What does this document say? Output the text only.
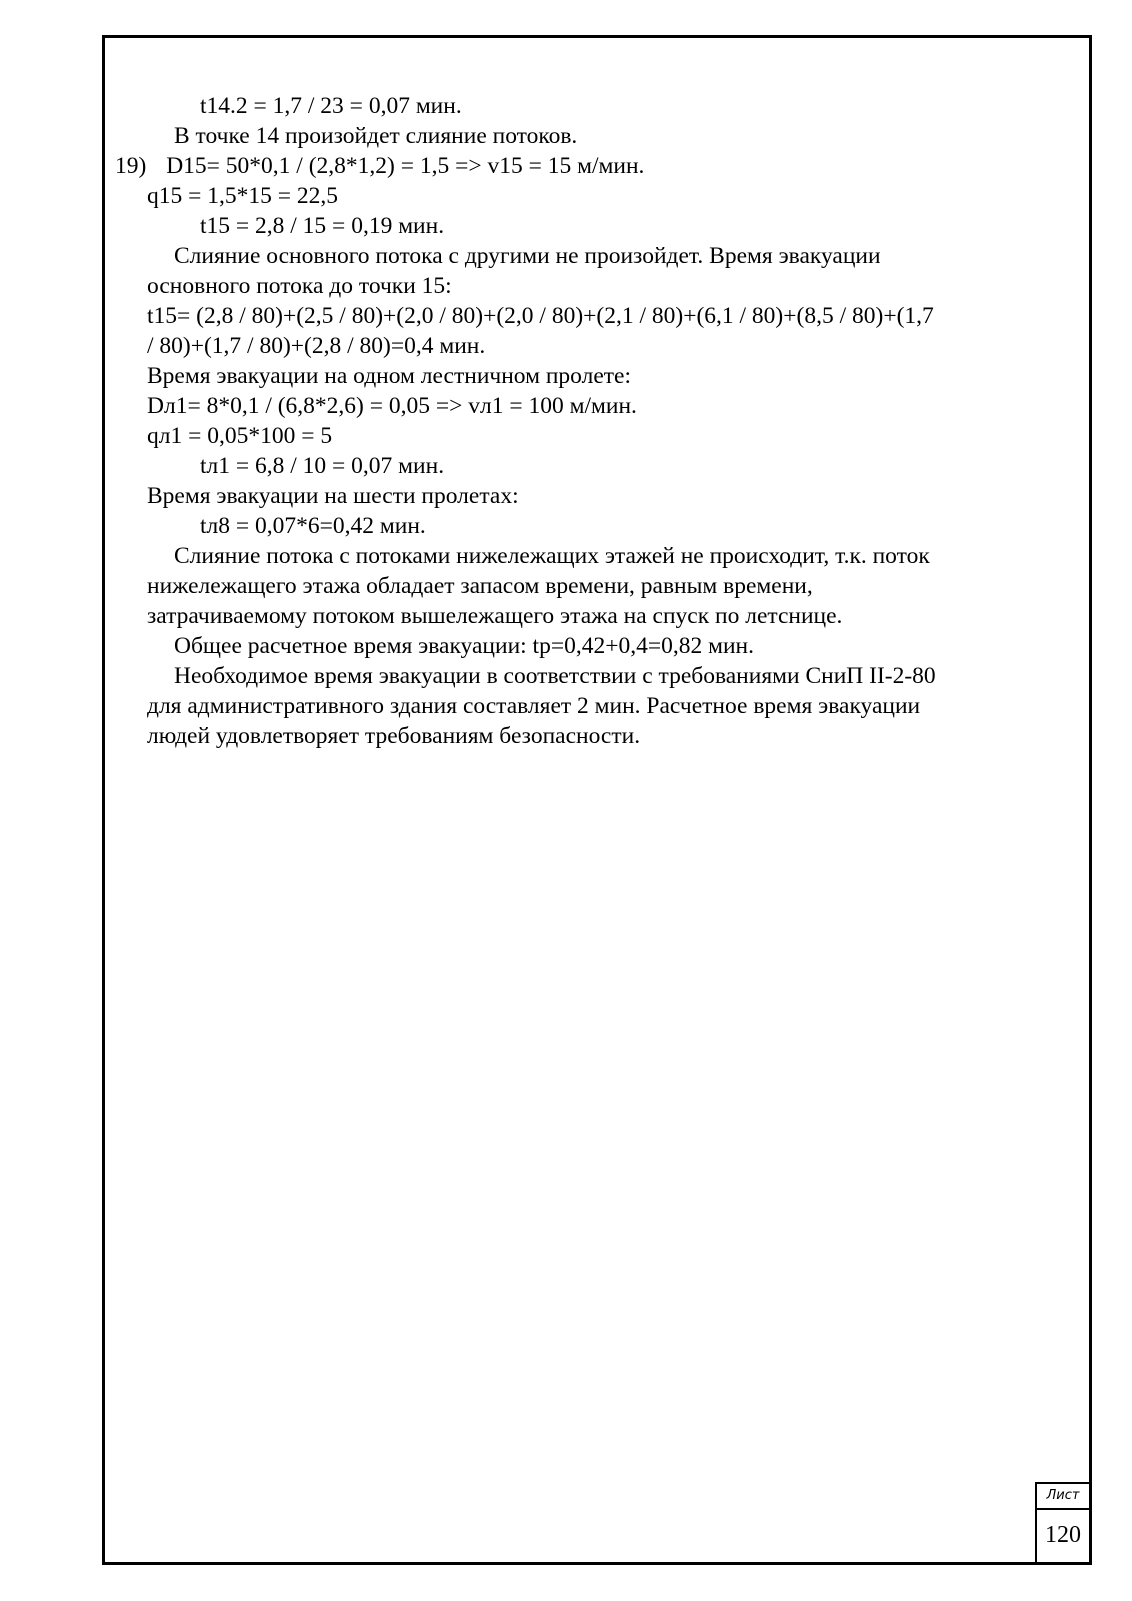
t14.2 = 1,7 / 23 = 0,07 мин.
В точке 14 произойдет слияние потоков.
19) D15= 50*0,1 / (2,8*1,2) = 1,5 => v15 = 15 м/мин.
q15 = 1,5*15 = 22,5
t15 = 2,8 / 15 = 0,19 мин.
Слияние основного потока с другими не произойдет. Время эвакуации
основного потока до точки 15:
t15= (2,8 / 80)+(2,5 / 80)+(2,0 / 80)+(2,0 / 80)+(2,1 / 80)+(6,1 / 80)+(8,5 / 80)+(1,7
/ 80)+(1,7 / 80)+(2,8 / 80)=0,4 мин.
Время эвакуации на одном лестничном пролете:
Dл1= 8*0,1 / (6,8*2,6) = 0,05 => vл1 = 100 м/мин.
qл1 = 0,05*100 = 5
tл1 = 6,8 / 10 = 0,07 мин.
Время эвакуации на шести пролетах:
tл8 = 0,07*6=0,42 мин.
Слияние потока с потоками нижележащих этажей не происходит, т.к. поток
нижележащего этажа обладает запасом времени, равным времени,
затрачиваемому потоком вышележащего этажа на спуск по летснице.
Общее расчетное время эвакуации: tр=0,42+0,4=0,82 мин.
Необходимое время эвакуации в соответствии с требованиями СниП II-2-80
для административного здания составляет 2 мин. Расчетное время эвакуации
людей удовлетворяет требованиям безопасности.
Лист
120
